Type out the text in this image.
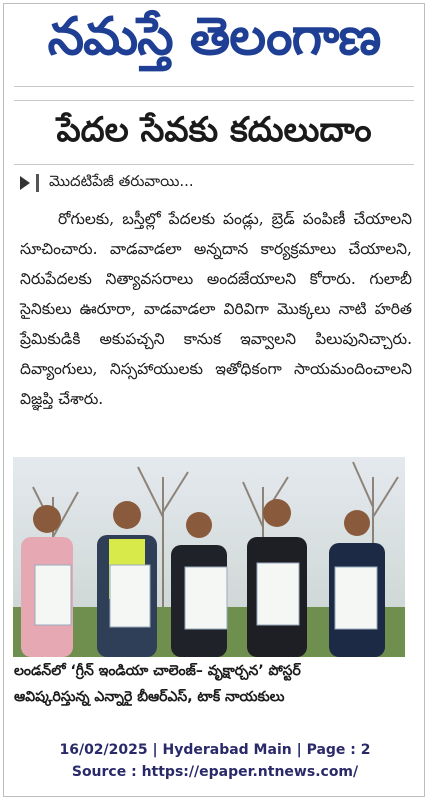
నమస్తే తెలంగాణ
పేదల సేవకు కదులుదాం
మొదటిపేజీ తరువాయి...

రోగులకు, బస్తీల్లో పేదలకు పండ్లు, బ్రెడ్ పంపిణీ చేయాలని సూచించారు. వాడవాడలా అన్నదాన కార్యక్రమాలు చేయాలని, నిరుపేదలకు నిత్యావసరాలు అందజేయాలని కోరారు. గులాబీ సైనికులు ఊరూరా, వాడవాడలా విరివిగా మొక్కలు నాటి హరిత ప్రేమికుడికి అకుపచ్చని కానుక ఇవ్వాలని పిలుపునిచ్చారు. దివ్యాంగులు, నిస్సహాయులకు ఇతోధికంగా సాయమందించాలని విజ్ఞప్తి చేశారు.

లండన్‌లో ‘గ్రీన్ ఇండియా చాలెంజ్– వృక్షార్చన’ పోస్టర్
ఆవిష్కరిస్తున్న ఎన్నారై బీఆర్‌ఎస్, టాక్ నాయకులు
16/02/2025 | Hyderabad Main | Page : 2
Source : https://epaper.ntnews.com/
